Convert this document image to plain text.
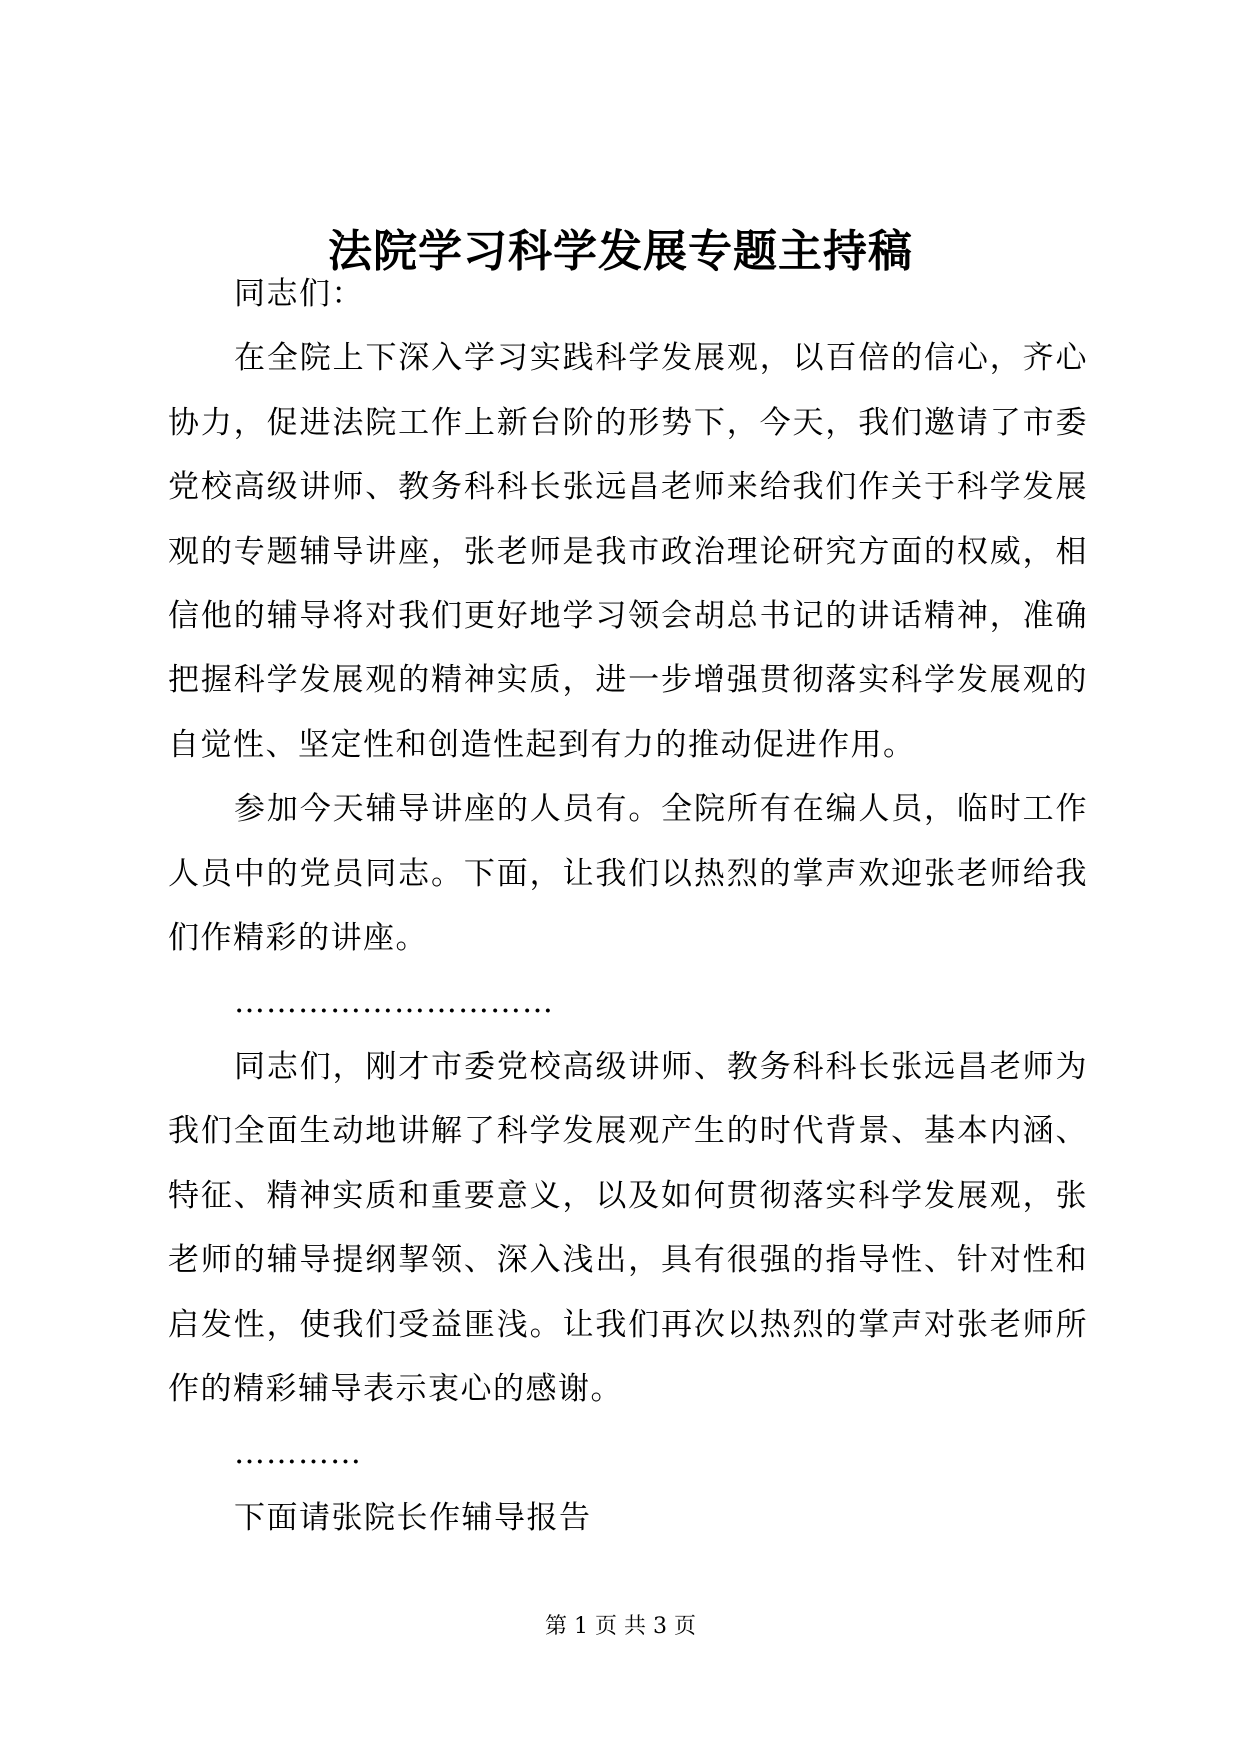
法院学习科学发展专题主持稿

同志们：

在全院上下深入学习实践科学发展观，以百倍的信心，齐心协力，促进法院工作上新台阶的形势下，今天，我们邀请了市委党校高级讲师、教务科科长张远昌老师来给我们作关于科学发展观的专题辅导讲座，张老师是我市政治理论研究方面的权威，相信他的辅导将对我们更好地学习领会胡总书记的讲话精神，准确把握科学发展观的精神实质，进一步增强贯彻落实科学发展观的自觉性、坚定性和创造性起到有力的推动促进作用。

参加今天辅导讲座的人员有。全院所有在编人员，临时工作人员中的党员同志。下面，让我们以热烈的掌声欢迎张老师给我们作精彩的讲座。

…………………………

同志们，刚才市委党校高级讲师、教务科科长张远昌老师为我们全面生动地讲解了科学发展观产生的时代背景、基本内涵、特征、精神实质和重要意义，以及如何贯彻落实科学发展观，张老师的辅导提纲挈领、深入浅出，具有很强的指导性、针对性和启发性，使我们受益匪浅。让我们再次以热烈的掌声对张老师所作的精彩辅导表示衷心的感谢。

…………

下面请张院长作辅导报告

第 1 页 共 3 页
